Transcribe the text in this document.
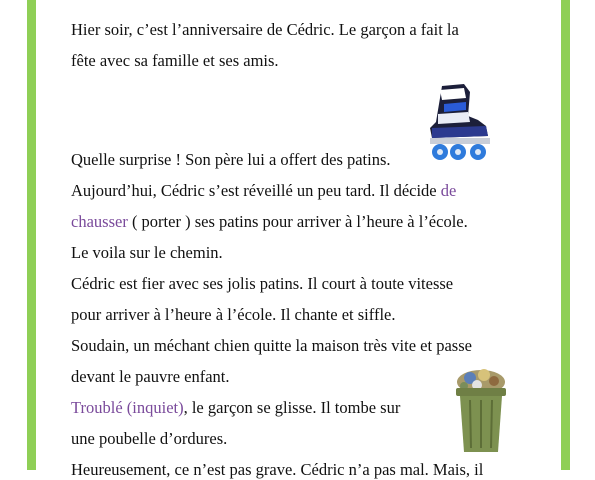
Hier soir, c’est l’anniversaire de Cédric. Le garçon a fait la
fête avec sa famille et ses amis.
Quelle surprise ! Son père lui a offert des patins.
Aujourd’hui, Cédric s’est réveillé un peu tard. Il décide de
chausser ( porter ) ses patins pour arriver à l’heure à l’école.
Le voila sur le chemin.
Cédric est fier avec ses jolis patins. Il court à toute vitesse
pour arriver à l’heure à l’école. Il chante et siffle.
Soudain, un méchant chien quitte la maison très vite et passe
devant le pauvre enfant.
Troublé (inquiet), le garçon se glisse. Il tombe sur
une poubelle d’ordures.
Heureusement, ce n’est pas grave. Cédric n’a pas mal. Mais, il
